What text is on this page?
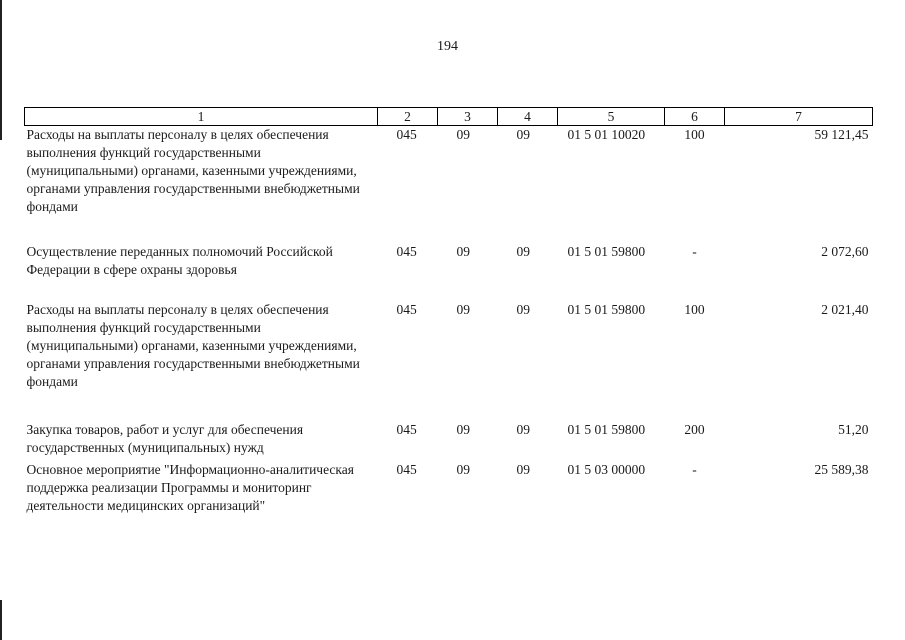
194
1	2	3	4	5	6	7
Расходы на выплаты персоналу в целях обеспечения выполнения функций государственными (муниципальными) органами, казенными учреждениями, органами управления государственными внебюджетными фондами	045	09	09	01 5 01 10020	100	59 121,45
Осуществление переданных полномочий Российской Федерации в сфере охраны здоровья	045	09	09	01 5 01 59800	-	2 072,60
Расходы на выплаты персоналу в целях обеспечения выполнения функций государственными (муниципальными) органами, казенными учреждениями, органами управления государственными внебюджетными фондами	045	09	09	01 5 01 59800	100	2 021,40
Закупка товаров, работ и услуг для обеспечения государственных (муниципальных) нужд	045	09	09	01 5 01 59800	200	51,20
Основное мероприятие "Информационно-аналитическая поддержка реализации Программы и мониторинг деятельности медицинских организаций"	045	09	09	01 5 03 00000	-	25 589,38
